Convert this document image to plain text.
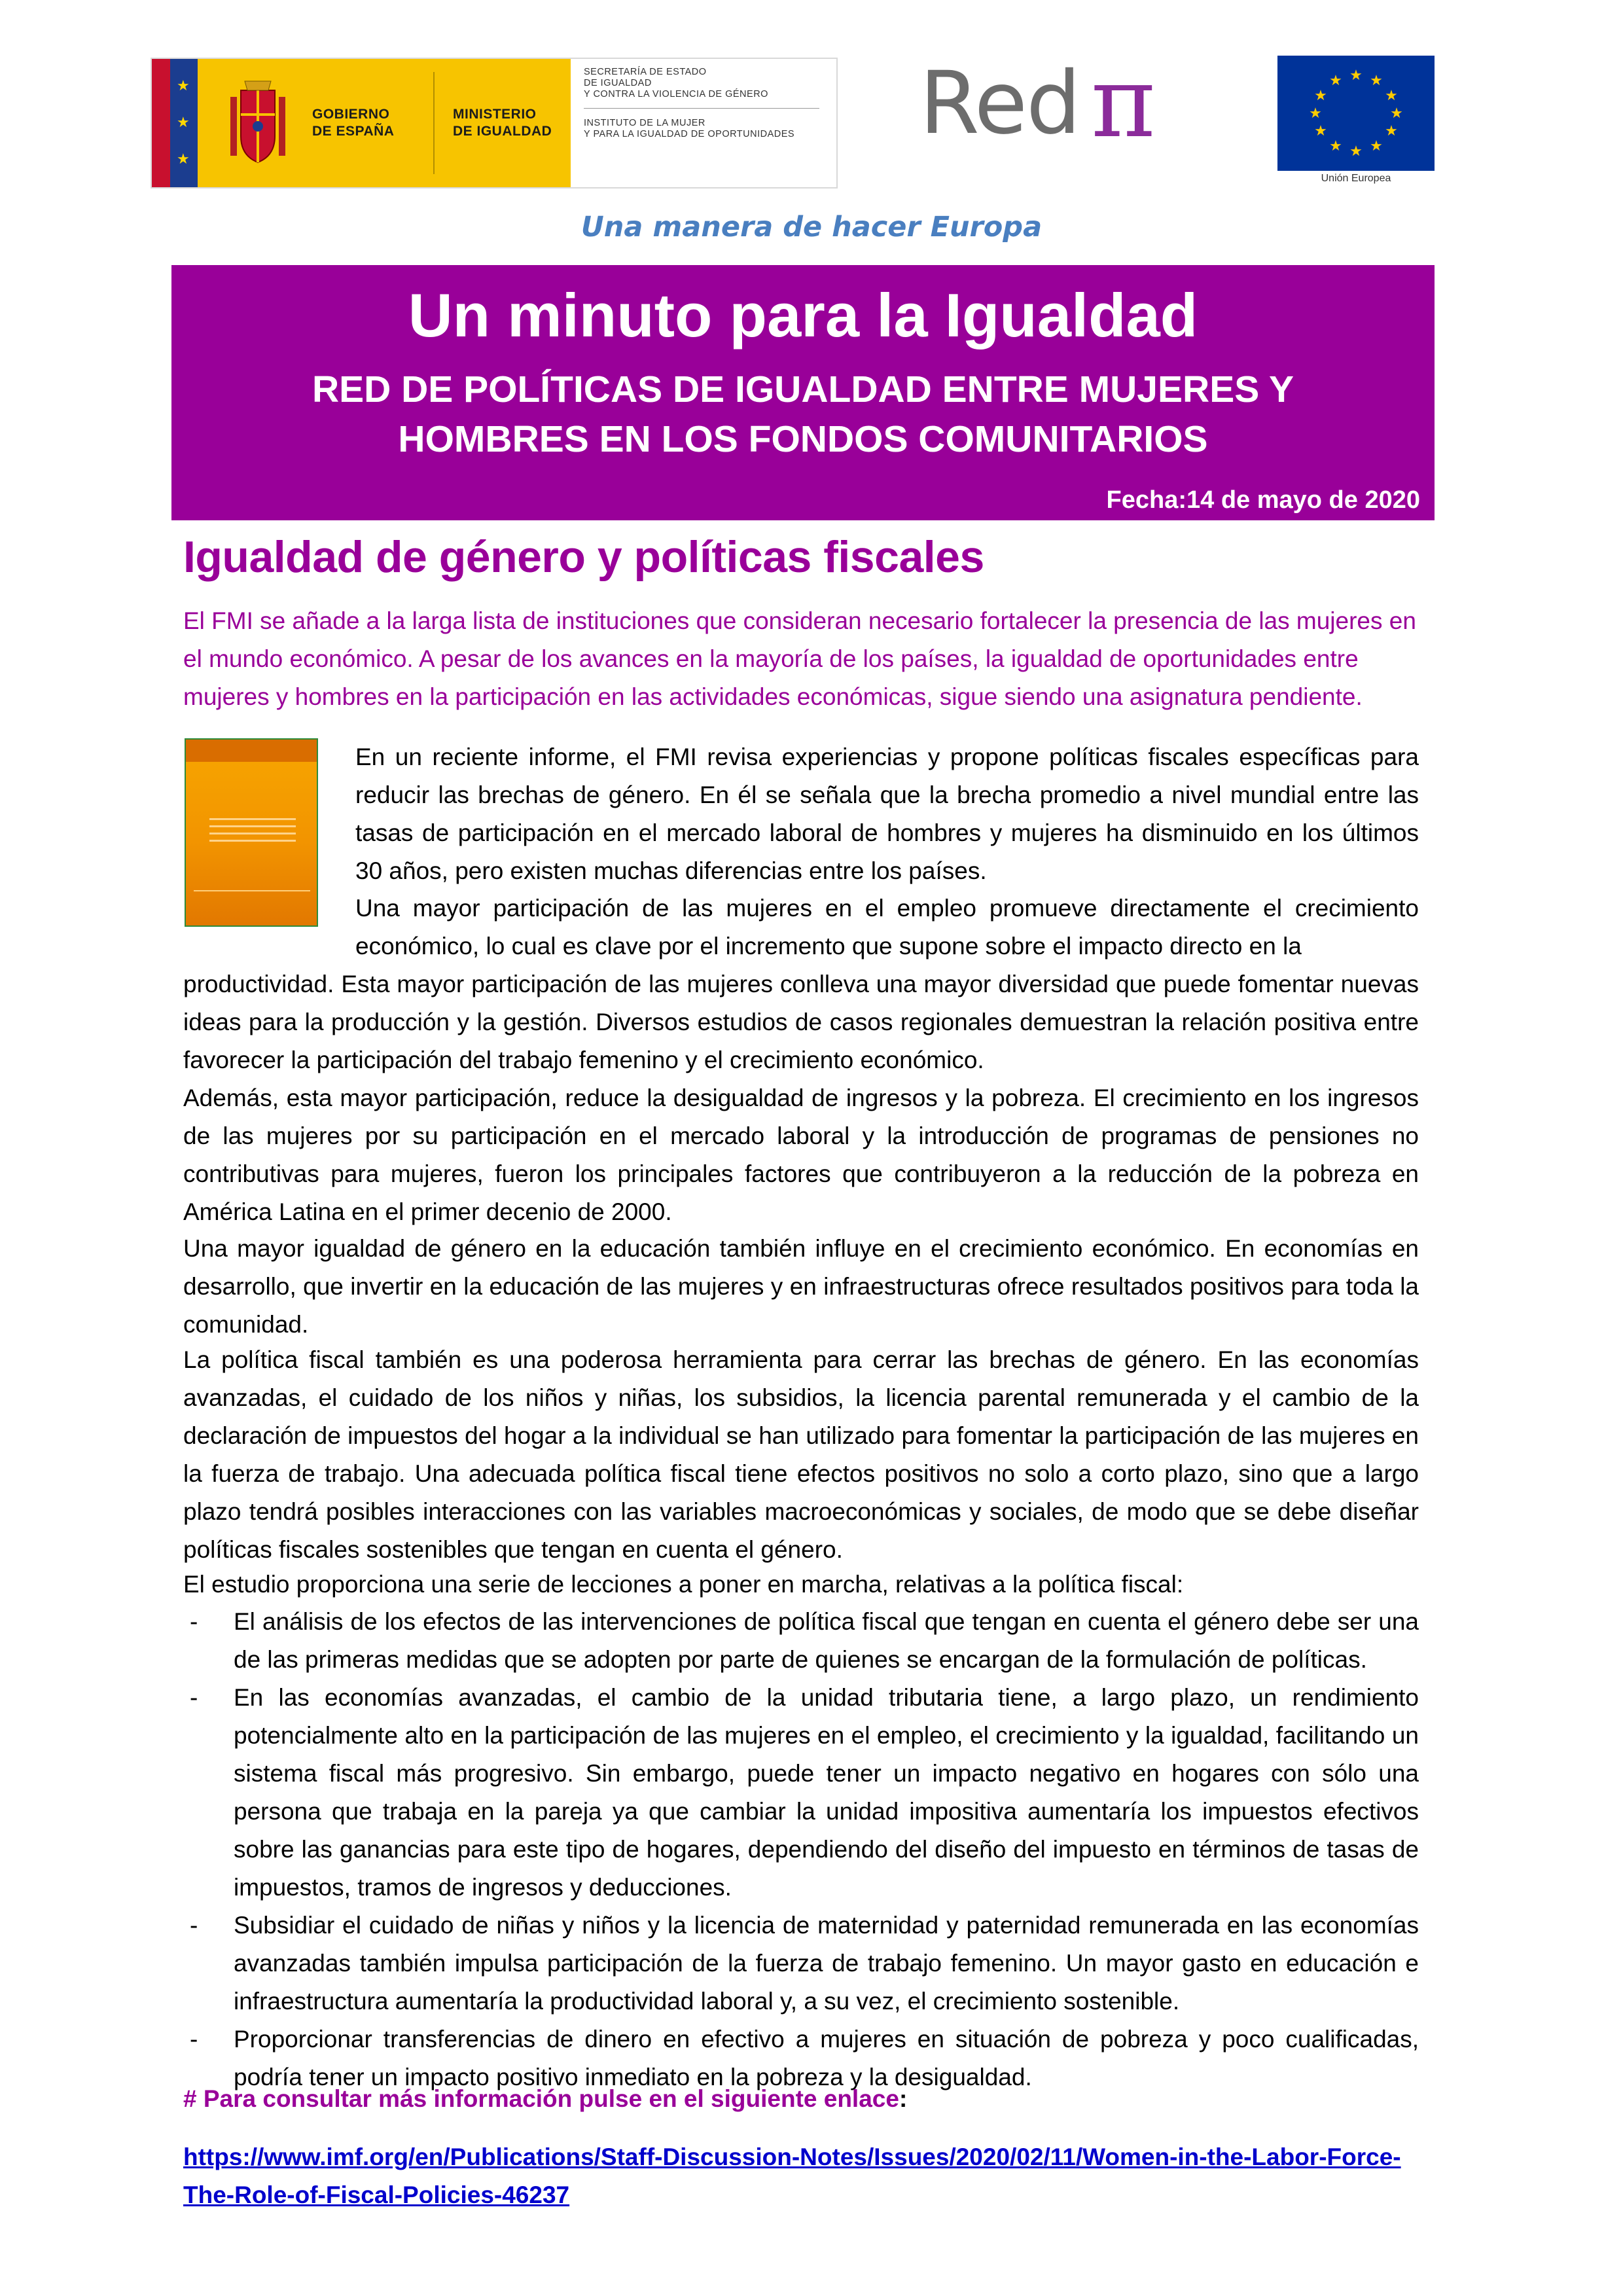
★
★
★
GOBIERNO
DE ESPAÑA
MINISTERIO
DE IGUALDAD
SECRETARÍA DE ESTADO
DE IGUALDAD
Y CONTRA LA VIOLENCIA DE GÉNERO
INSTITUTO DE LA MUJER
Y PARA LA IGUALDAD DE OPORTUNIDADES	Red π	★ ★
★
★
★
★
★
★
★
★
★
★
Unión Europea
Una manera de hacer Europa
Un minuto para la Igualdad
RED DE POLÍTICAS DE IGUALDAD ENTRE MUJERES Y
HOMBRES EN LOS FONDOS COMUNITARIOS
Fecha:14 de mayo de 2020
Igualdad de género y políticas fiscales

El FMI se añade a la larga lista de instituciones que consideran necesario fortalecer la presencia de las mujeres en el mundo económico. A pesar de los avances en la mayoría de los países, la igualdad de oportunidades entre mujeres y hombres en la participación en las actividades económicas, sigue siendo una asignatura pendiente.

En un reciente informe, el FMI revisa experiencias y propone políticas fiscales específicas para reducir las brechas de género. En él se señala que la brecha promedio a nivel mundial entre las tasas de participación en el mercado laboral de hombres y mujeres ha disminuido en los últimos 30 años, pero existen muchas diferencias entre los países.

Una mayor participación de las mujeres en el empleo promueve directamente el crecimiento económico, lo cual es clave por el incremento que supone sobre el impacto directo en la

productividad. Esta mayor participación de las mujeres conlleva una mayor diversidad que puede fomentar nuevas ideas para la producción y la gestión. Diversos estudios de casos regionales demuestran la relación positiva entre favorecer la participación del trabajo femenino y el crecimiento económico.

Además, esta mayor participación, reduce la desigualdad de ingresos y la pobreza. El crecimiento en los ingresos de las mujeres por su participación en el mercado laboral y la introducción de programas de pensiones no contributivas para mujeres, fueron los principales factores que contribuyeron a la reducción de la pobreza en América Latina en el primer decenio de 2000.

Una mayor igualdad de género en la educación también influye en el crecimiento económico. En economías en desarrollo, que invertir en la educación de las mujeres y en infraestructuras ofrece resultados positivos para toda la comunidad.

La política fiscal también es una poderosa herramienta para cerrar las brechas de género. En las economías avanzadas, el cuidado de los niños y niñas, los subsidios, la licencia parental remunerada y el cambio de la declaración de impuestos del hogar a la individual se han utilizado para fomentar la participación de las mujeres en la fuerza de trabajo. Una adecuada política fiscal tiene efectos positivos no solo a corto plazo, sino que a largo plazo tendrá posibles interacciones con las variables macroeconómicas y sociales, de modo que se debe diseñar políticas fiscales sostenibles que tengan en cuenta el género.

El estudio proporciona una serie de lecciones a poner en marcha, relativas a la política fiscal:

- El análisis de los efectos de las intervenciones de política fiscal que tengan en cuenta el género debe ser una de las primeras medidas que se adopten por parte de quienes se encargan de la formulación de políticas.
- En las economías avanzadas, el cambio de la unidad tributaria tiene, a largo plazo, un rendimiento potencialmente alto en la participación de las mujeres en el empleo, el crecimiento y la igualdad, facilitando un sistema fiscal más progresivo. Sin embargo, puede tener un impacto negativo en hogares con sólo una persona que trabaja en la pareja ya que cambiar la unidad impositiva aumentaría los impuestos efectivos sobre las ganancias para este tipo de hogares, dependiendo del diseño del impuesto en términos de tasas de impuestos, tramos de ingresos y deducciones.
- Subsidiar el cuidado de niñas y niños y la licencia de maternidad y paternidad remunerada en las economías avanzadas también impulsa participación de la fuerza de trabajo femenino. Un mayor gasto en educación e infraestructura aumentaría la productividad laboral y, a su vez, el crecimiento sostenible.
- Proporcionar transferencias de dinero en efectivo a mujeres en situación de pobreza y poco cualificadas, podría tener un impacto positivo inmediato en la pobreza y la desigualdad.
# Para consultar más información pulse en el siguiente enlace:

https://www.imf.org/en/Publications/Staff-Discussion-Notes/Issues/2020/02/11/Women-in-the-Labor-Force-The-Role-of-Fiscal-Policies-46237
